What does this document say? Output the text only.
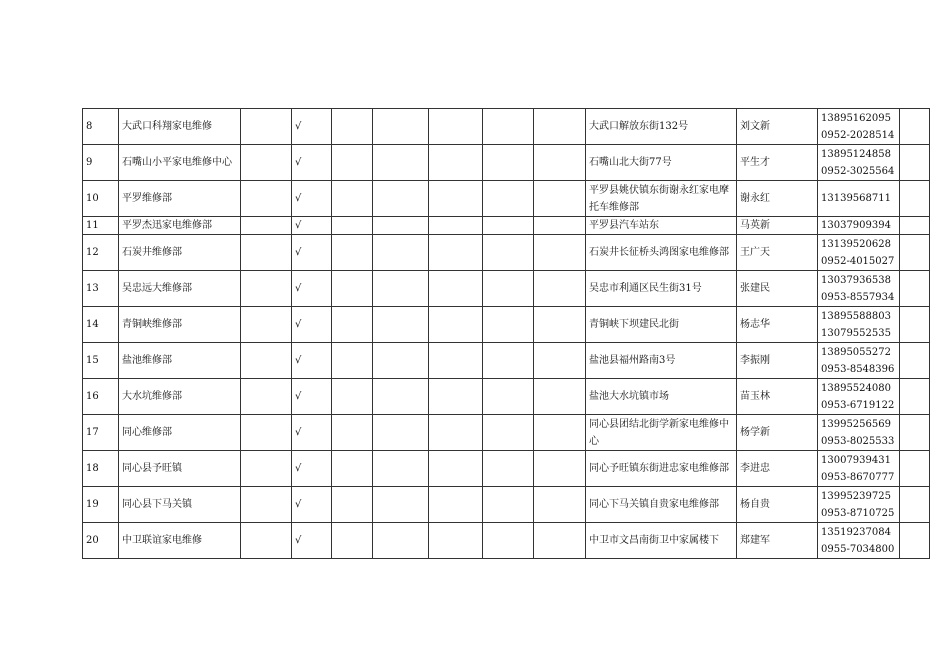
8	大武口科翔家电维修		√						大武口解放东街132号	刘文新	13895162095
0952-2028514	

9	石嘴山小平家电维修中心		√						石嘴山北大街77号	平生才	13895124858
0952-3025564	

10	平罗维修部		√						平罗县姚伏镇东街谢永红家电摩托车维修部	谢永红	13139568711	

11	平罗杰迅家电维修部		√						平罗县汽车站东	马英新	13037909394	

12	石炭井维修部		√						石炭井长征桥头鸿图家电维修部	王广天	13139520628
0952-4015027	

13	吴忠远大维修部		√						吴忠市利通区民生街31号	张建民	13037936538
0953-8557934	

14	青铜峡维修部		√						青铜峡下坝建民北街	杨志华	13895588803
13079552535	

15	盐池维修部		√						盐池县福州路南3号	李振刚	13895055272
0953-8548396	

16	大水坑维修部		√						盐池大水坑镇市场	苗玉林	13895524080
0953-6719122	

17	同心维修部		√						同心县团结北街学新家电维修中心	杨学新	13995256569
0953-8025533	

18	同心县予旺镇		√						同心予旺镇东街进忠家电维修部	李进忠	13007939431
0953-8670777	

19	同心县下马关镇		√						同心下马关镇自贵家电维修部	杨自贵	13995239725
0953-8710725	

20	中卫联谊家电维修		√						中卫市文昌南街卫中家属楼下	郑建军	13519237084
0955-7034800	
